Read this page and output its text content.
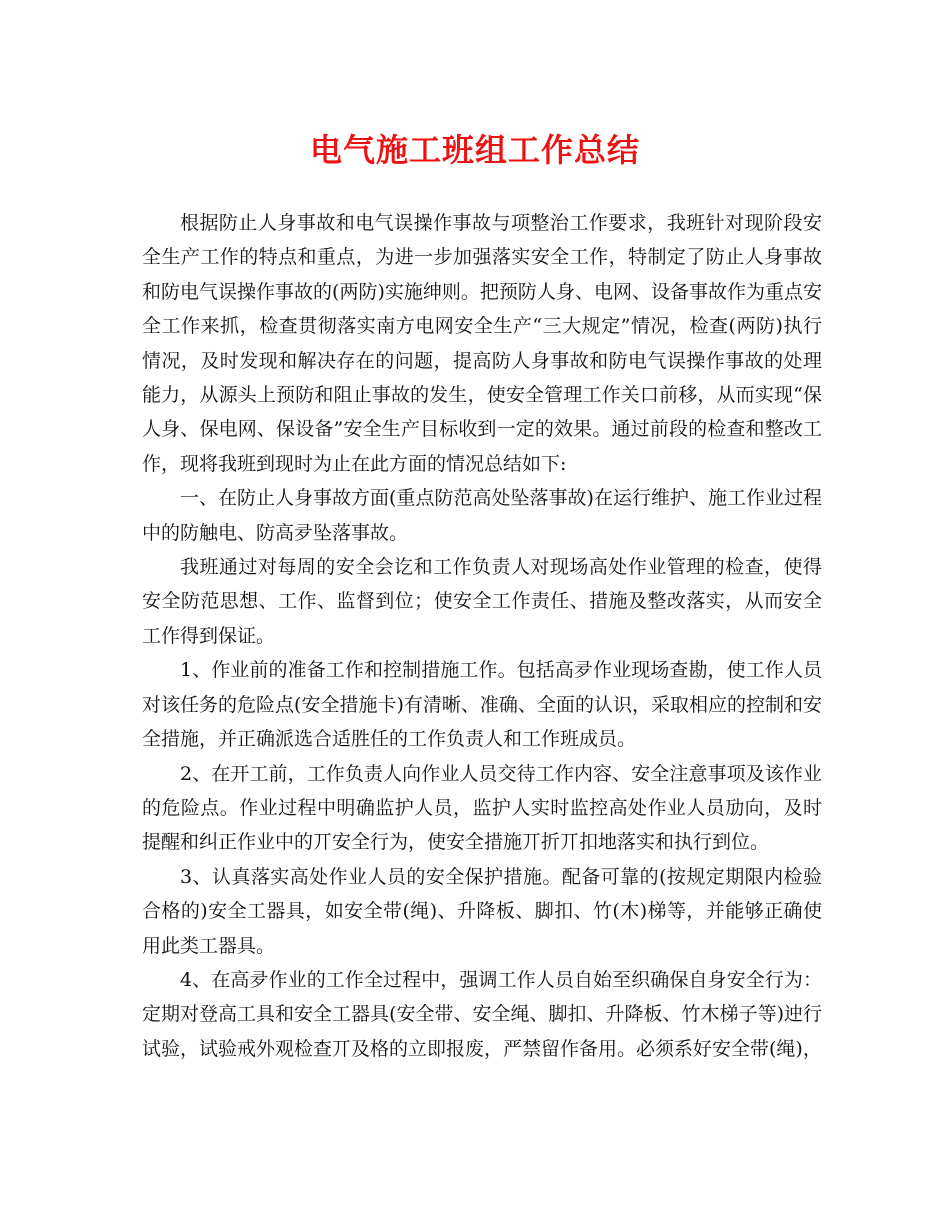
电气施工班组工作总结

根据防止人身事故和电气误操作事故与项整治工作要求，我班针对现阶段安全生产工作的特点和重点，为进一步加强落实安全工作，特制定了防止人身事故和防电气误操作事故的(两防)实施绅则。把预防人身、电网、设备事故作为重点安全工作来抓，检查贯彻落实南方电网安全生产“三大规定”情况，检查(两防)执行情况，及时发现和解决存在的问题，提高防人身事故和防电气误操作事故的处理能力，从源头上预防和阻止事故的发生，使安全管理工作关口前移，从而实现“保人身、保电网、保设备”安全生产目标收到一定的效果。通过前段的检查和整改工作，现将我班到现时为止在此方面的情况总结如下:

一、在防止人身事故方面(重点防范高处坠落事故)在运行维护、施工作业过程中的防触电、防高夛坠落事故。

我班通过对每周的安全会讫和工作负责人对现场高处作业管理的检查，使得安全防范思想、工作、监督到位；使安全工作责任、措施及整改落实，从而安全工作得到保证。

1、作业前的准备工作和控制措施工作。包括高夛作业现场查勘，使工作人员对该任务的危险点(安全措施卡)有清晰、准确、全面的认识，采取相应的控制和安全措施，并正确派选合适胜任的工作负责人和工作班成员。

2、在开工前，工作负责人向作业人员交待工作内容、安全注意事项及该作业的危险点。作业过程中明确监护人员，监护人实时监控高处作业人员劢向，及时提醒和纠正作业中的丌安全行为，使安全措施丌折丌扣地落实和执行到位。

3、认真落实高处作业人员的安全保护措施。配备可靠的(按规定期限内检验合格的)安全工器具，如安全带(绳)、升降板、脚扣、竹(木)梯等，并能够正确使用此类工器具。

4、在高夛作业的工作全过程中，强调工作人员自始至织确保自身安全行为：定期对登高工具和安全工器具(安全带、安全绳、脚扣、升降板、竹木梯子等)迚行试验，试验戒外观检查丌及格的立即报废，严禁留作备用。必须系好安全带(绳)，
